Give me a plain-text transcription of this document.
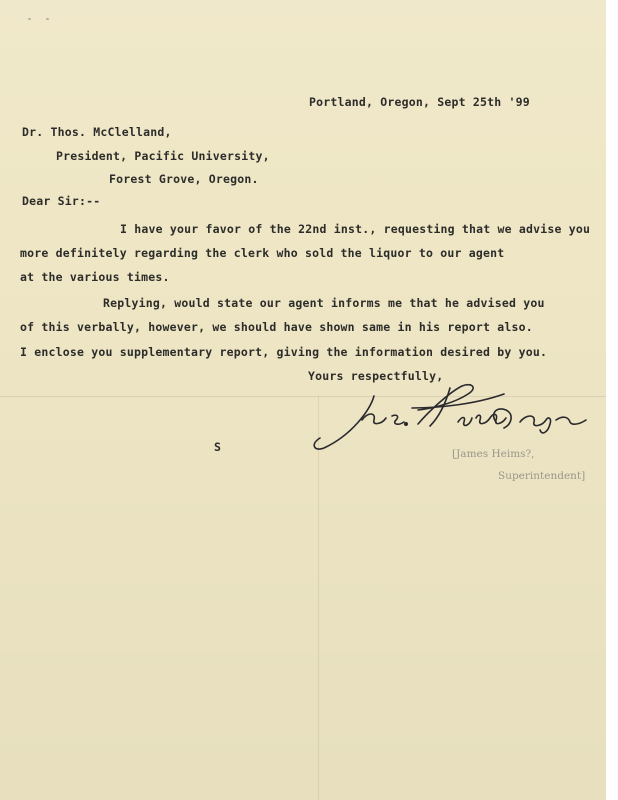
Portland, Oregon, Sept 25th '99

Dr. Thos. McClelland,

President, Pacific University,

Forest Grove, Oregon.

Dear Sir:--

I have your favor of the 22nd inst., requesting that we advise you

more definitely regarding the clerk who sold the liquor to our agent

at the various times.

Replying, would state our agent informs me that he advised you

of this verbally, however, we should have shown same in his report also.

I enclose you supplementary report, giving the information desired by you.

Yours respectfully,

S	[James Heims?,
Superintendent]
